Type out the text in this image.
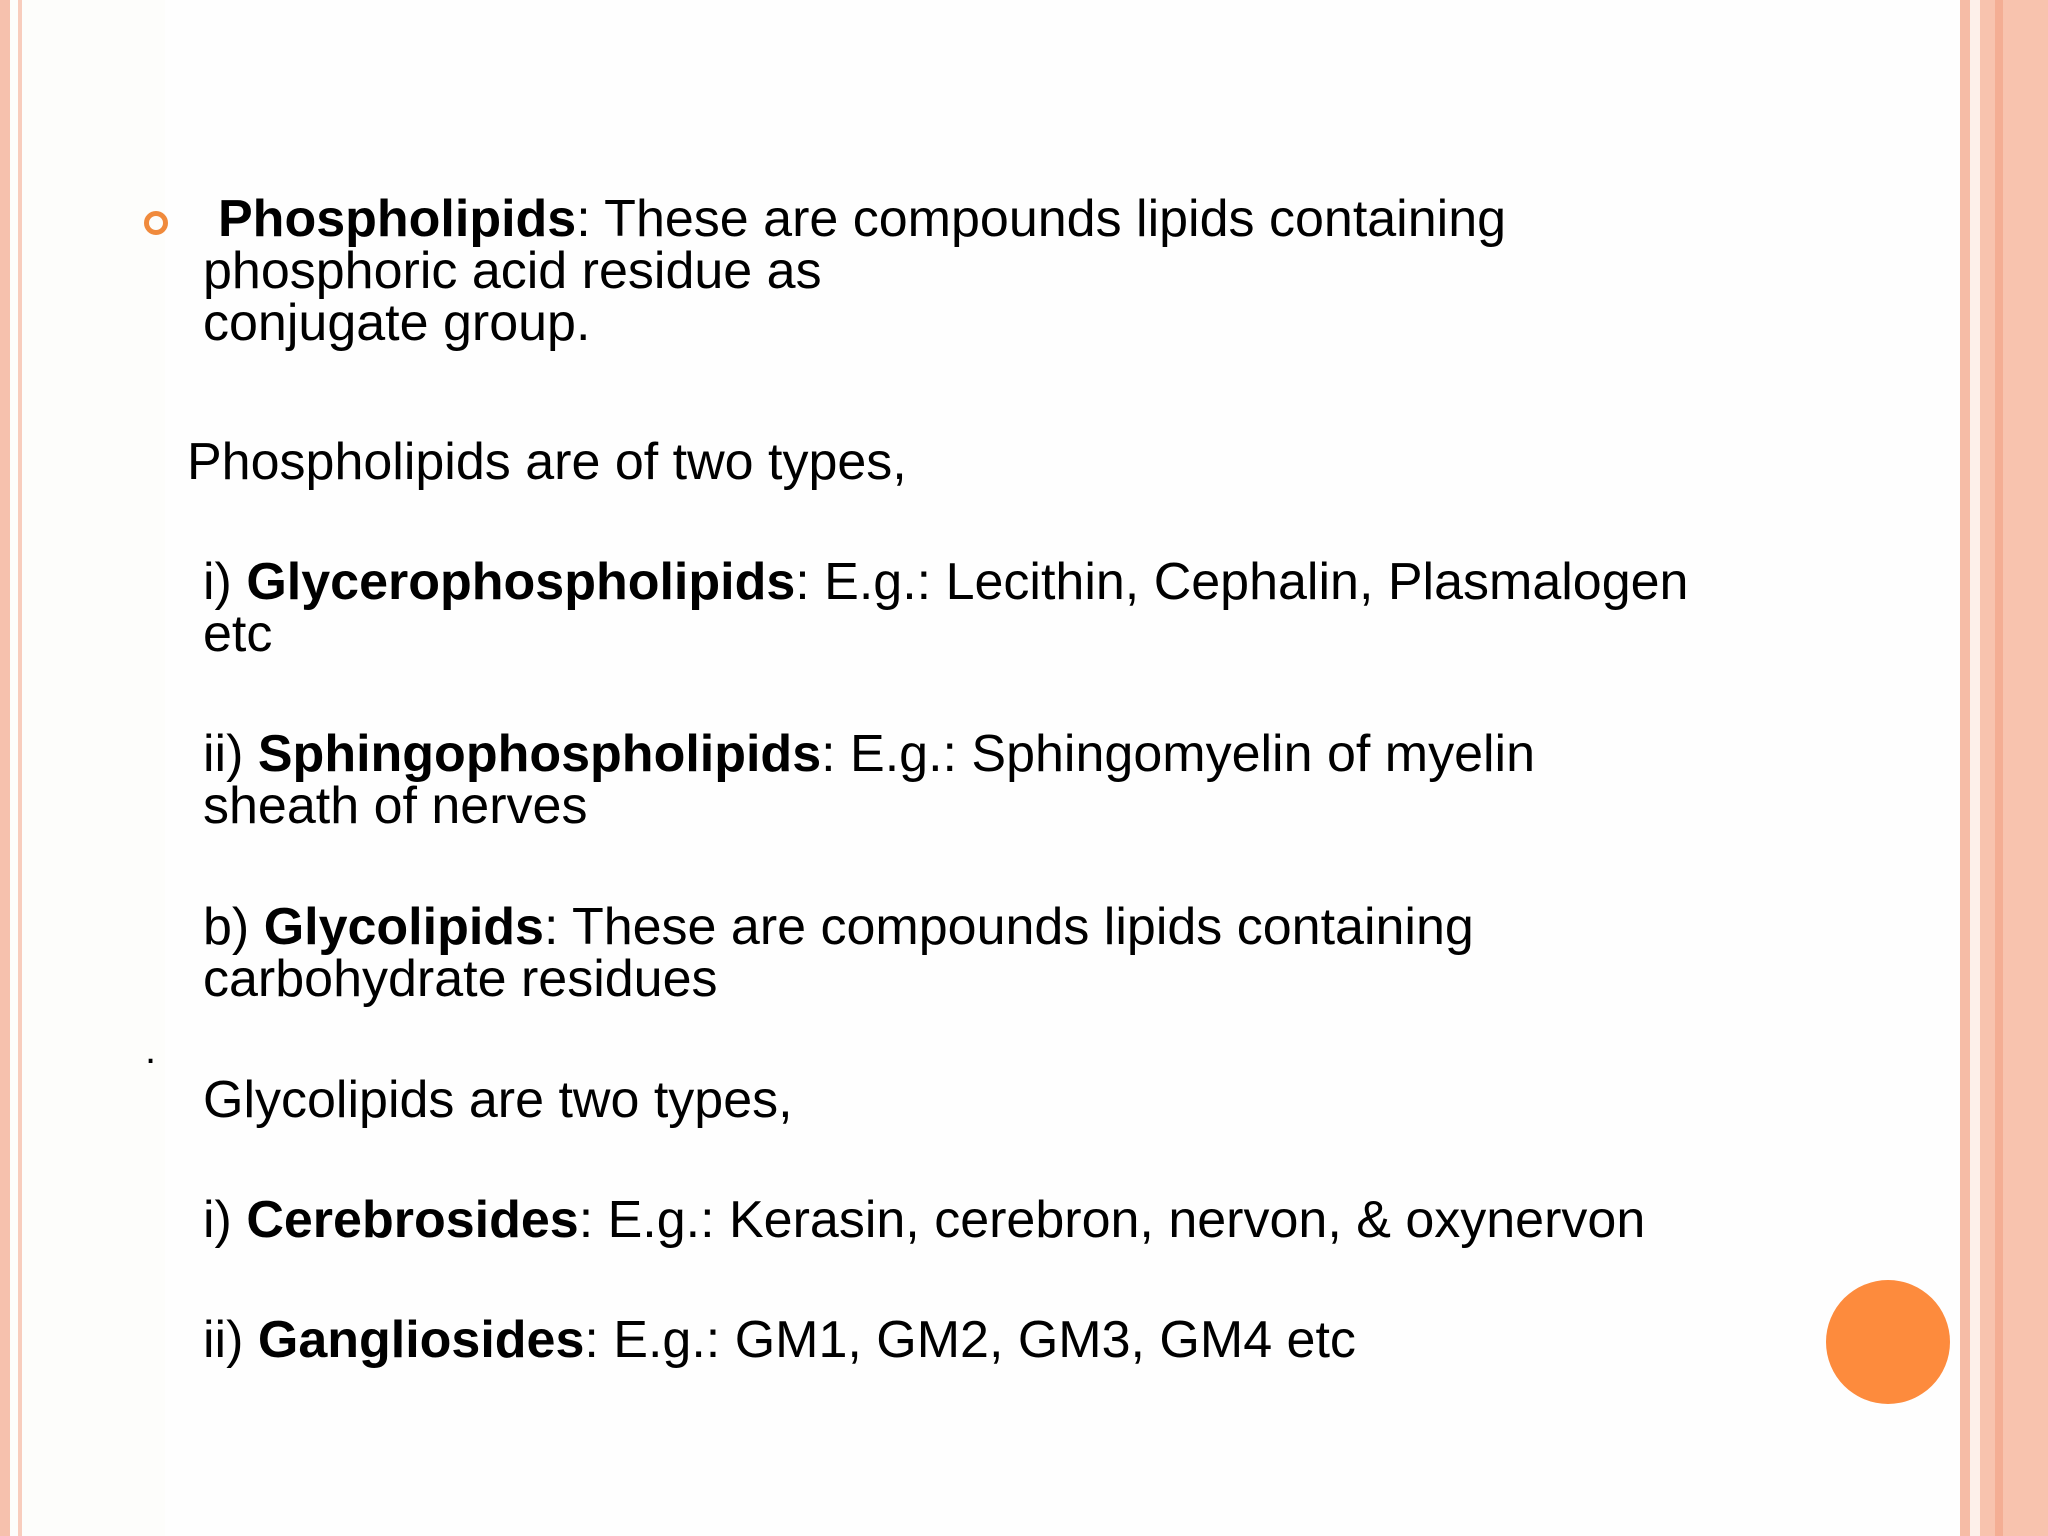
Phospholipids: These are compounds lipids containing
phosphoric acid residue as
conjugate group.
Phospholipids are of two types,
i) Glycerophospholipids: E.g.: Lecithin, Cephalin, Plasmalogen
etc
ii) Sphingophospholipids: E.g.: Sphingomyelin of myelin
sheath of nerves
b) Glycolipids: These are compounds lipids containing
carbohydrate residues
.
Glycolipids are two types,
i) Cerebrosides: E.g.: Kerasin, cerebron, nervon, & oxynervon
ii) Gangliosides: E.g.: GM1, GM2, GM3, GM4 etc
